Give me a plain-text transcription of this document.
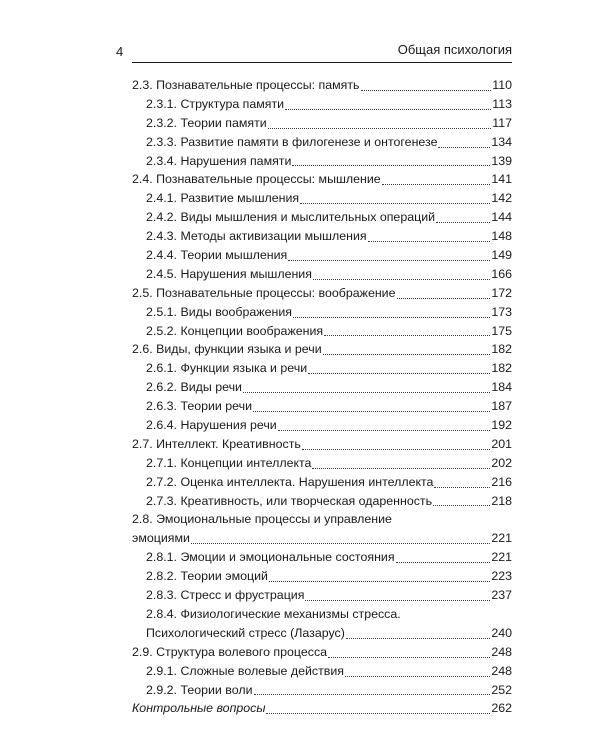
4	Общая психология
2.3. Познавательные процессы: память	110
2.3.1. Структура памяти	113
2.3.2. Теории памяти	117
2.3.3. Развитие памяти в филогенезе и онтогенезе	134
2.3.4. Нарушения памяти	139
2.4. Познавательные процессы: мышление	141
2.4.1. Развитие мышления	142
2.4.2. Виды мышления и мыслительных операций	144
2.4.3. Методы активизации мышления	148
2.4.4. Теории мышления	149
2.4.5. Нарушения мышления	166
2.5. Познавательные процессы: воображение	172
2.5.1. Виды воображения	173
2.5.2. Концепции воображения	175
2.6. Виды, функции языка и речи	182
2.6.1. Функции языка и речи	182
2.6.2. Виды речи	184
2.6.3. Теории речи	187
2.6.4. Нарушения речи	192
2.7. Интеллект. Креативность	201
2.7.1. Концепции интеллекта	202
2.7.2. Оценка интеллекта. Нарушения интеллекта	216
2.7.3. Креативность, или творческая одаренность	218
2.8. Эмоциональные процессы и управление
эмоциями	221
2.8.1. Эмоции и эмоциональные состояния	221
2.8.2. Теории эмоций	223
2.8.3. Стресс и фрустрация	237
2.8.4. Физиологические механизмы стресса.
Психологический стресс (Лазарус)	240
2.9. Структура волевого процесса	248
2.9.1. Сложные волевые действия	248
2.9.2. Теории воли	252
Контрольные вопросы	262
